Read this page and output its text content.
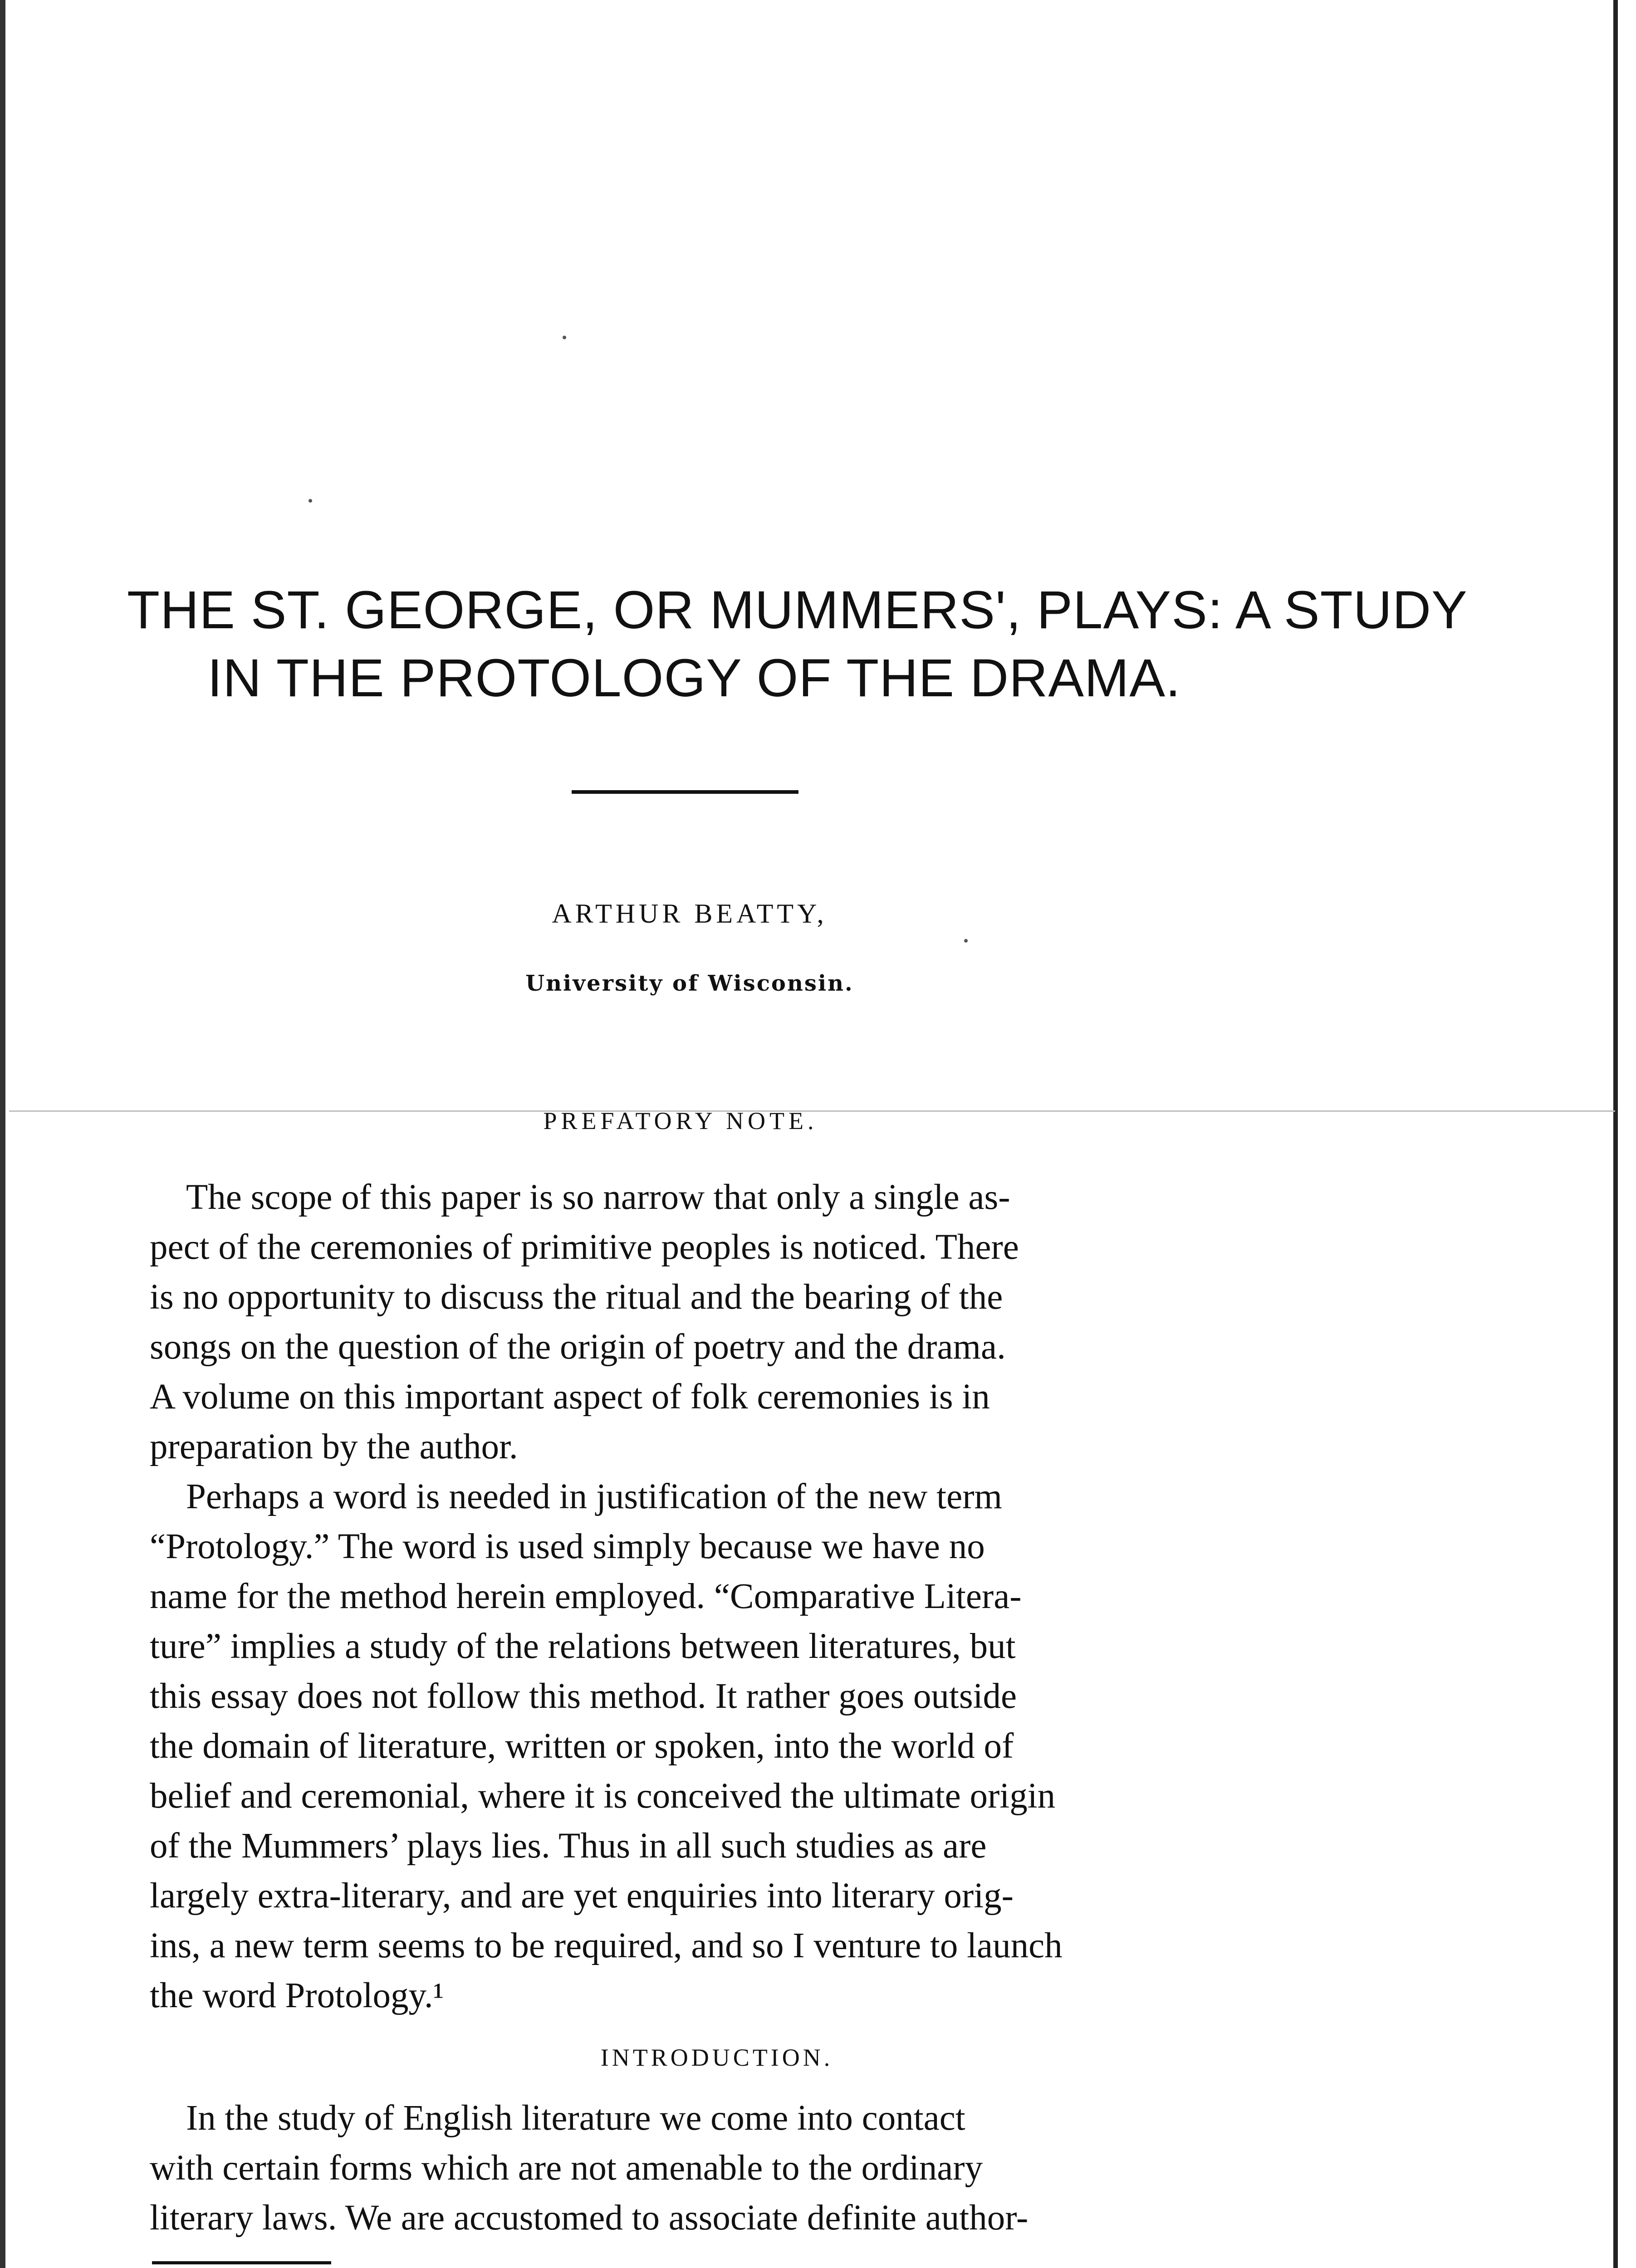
THE ST. GEORGE, OR MUMMERS', PLAYS: A STUDY
IN THE PROTOLOGY OF THE DRAMA.
ARTHUR BEATTY,
University of Wisconsin.
PREFATORY NOTE.
The scope of this paper is so narrow that only a single as-
pect of the ceremonies of primitive peoples is noticed. There
is no opportunity to discuss the ritual and the bearing of the
songs on the question of the origin of poetry and the drama.
A volume on this important aspect of folk ceremonies is in
preparation by the author.
Perhaps a word is needed in justification of the new term
“Protology.” The word is used simply because we have no
name for the method herein employed. “Comparative Litera-
ture” implies a study of the relations between literatures, but
this essay does not follow this method. It rather goes outside
the domain of literature, written or spoken, into the world of
belief and ceremonial, where it is conceived the ultimate origin
of the Mummers’ plays lies. Thus in all such studies as are
largely extra-literary, and are yet enquiries into literary orig-
ins, a new term seems to be required, and so I venture to launch
the word Protology.¹
INTRODUCTION.
In the study of English literature we come into contact
with certain forms which are not amenable to the ordinary
literary laws. We are accustomed to associate definite author-
